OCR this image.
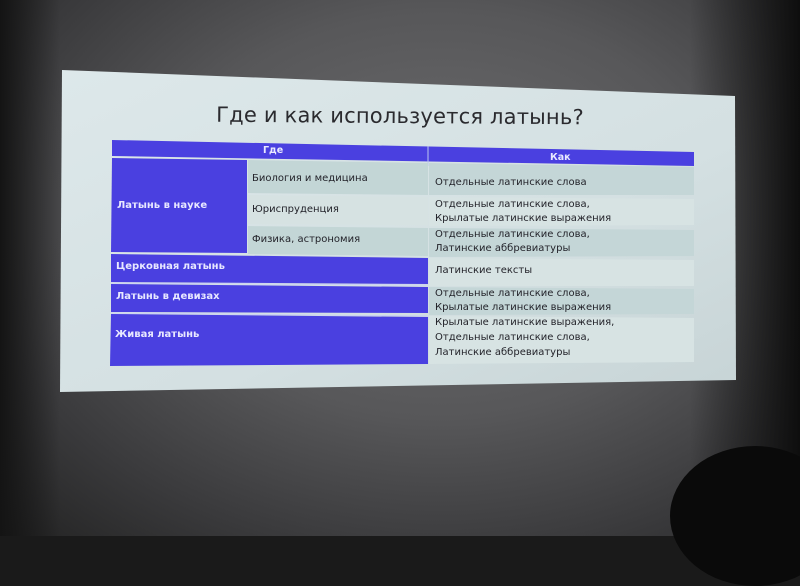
Где и как используется латынь?
Где
Как
Латынь в науке
Церковная латынь
Латынь в девизах
Живая латынь
Биология и медицина
Юриспруденция
Физика, астрономия
Отдельные латинские слова
Отдельные латинские слова,
Крылатые латинские выражения
Отдельные латинские слова,
Латинские аббревиатуры
Латинские тексты
Отдельные латинские слова,
Крылатые латинские выражения
Крылатые латинские выражения,
Отдельные латинские слова,
Латинские аббревиатуры
